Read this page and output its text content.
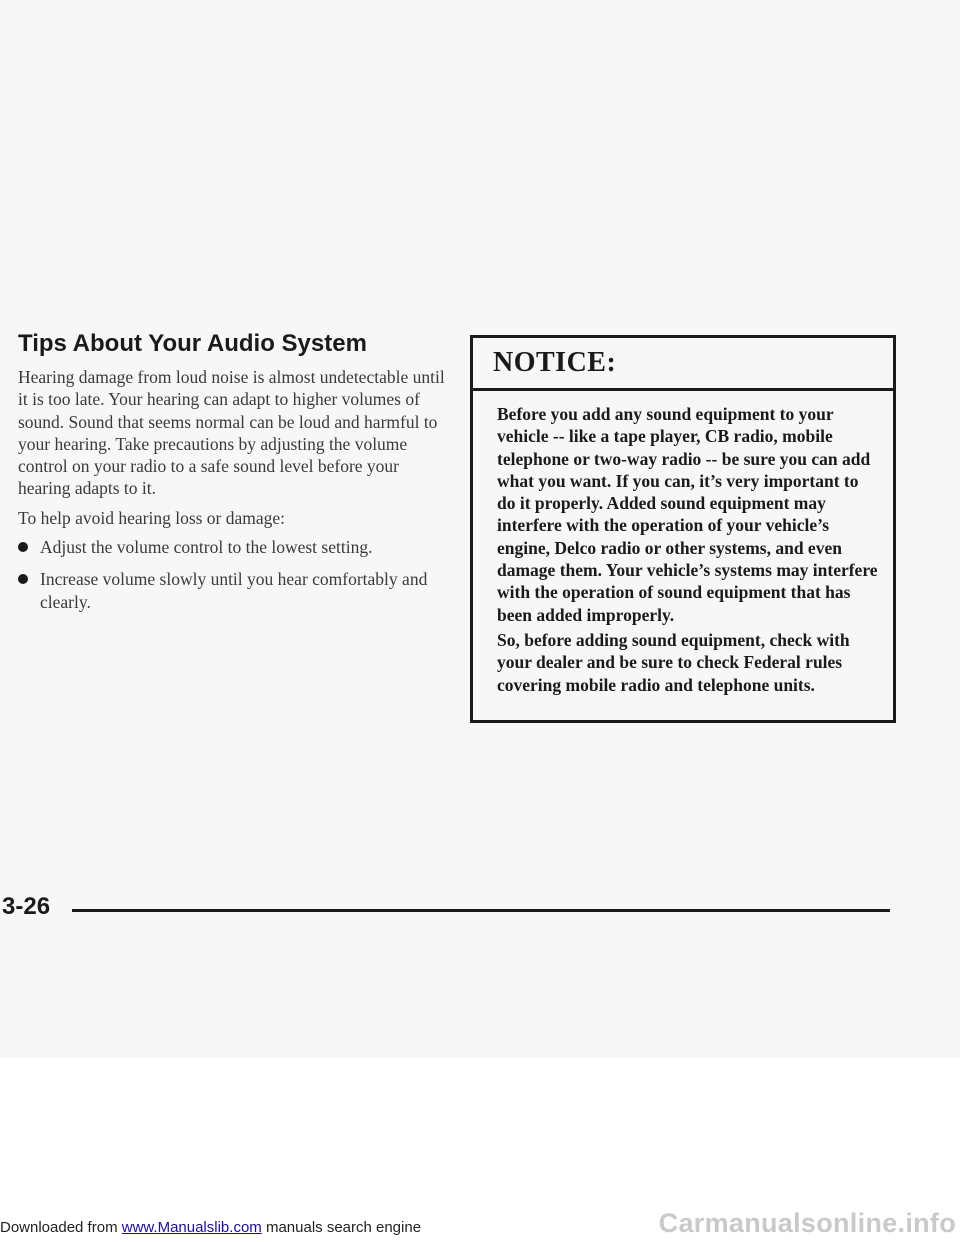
Tips About Your Audio System

Hearing damage from loud noise is almost undetectable until it is too late. Your hearing can adapt to higher volumes of sound. Sound that seems normal can be loud and harmful to your hearing. Take precautions by adjusting the volume control on your radio to a safe sound level before your hearing adapts to it.

To help avoid hearing loss or damage:

Adjust the volume control to the lowest setting.
Increase volume slowly until you hear comfortably and clearly.
NOTICE:

Before you add any sound equipment to your vehicle -- like a tape player, CB radio, mobile telephone or two-way radio -- be sure you can add what you want. If you can, it’s very important to do it properly. Added sound equipment may interfere with the operation of your vehicle’s engine, Delco radio or other systems, and even damage them. Your vehicle’s systems may interfere with the operation of sound equipment that has been added improperly.

So, before adding sound equipment, check with your dealer and be sure to check Federal rules covering mobile radio and telephone units.

3-26
Downloaded from www.Manualslib.com manuals search engine	Carmanualsonline.info
